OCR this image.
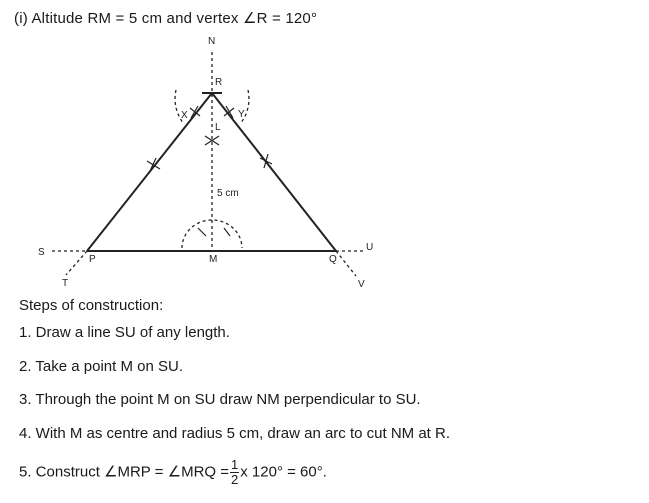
(i) Altitude RM = 5 cm and vertex ∠R = 120°
N
R
L
X	Y
5 cm
S
P	M	Q
U
T	V
Steps of construction:
1. Draw a line SU of any length.
2. Take a point M on SU.
3. Through the point M on SU draw NM perpendicular to SU.
4. With M as centre and radius 5 cm, draw an arc to cut NM at R.
5. Construct ∠MRP = ∠MRQ = $\frac{1}{2}$ x 120° = 60°.
